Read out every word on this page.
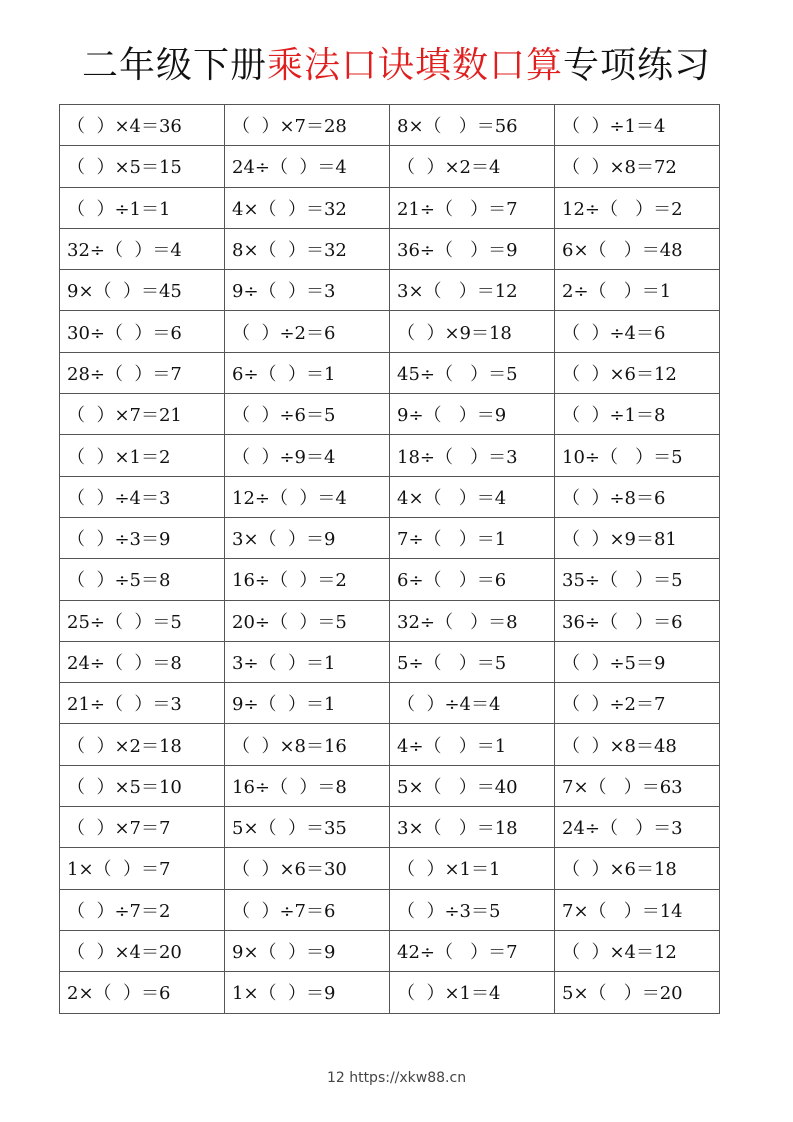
二年级下册乘法口诀填数口算专项练习
（  ）×4＝36	（  ）×7＝28	8×（   ）＝56	（  ）÷1＝4
（  ）×5＝15	24÷（  ）＝4	（  ）×2＝4	（  ）×8＝72
（  ）÷1＝1	4×（  ）＝32	21÷（   ）＝7	12÷（   ）＝2
32÷（  ）＝4	8×（  ）＝32	36÷（   ）＝9	6×（   ）＝48
9×（  ）＝45	9÷（  ）＝3	3×（   ）＝12	2÷（   ）＝1
30÷（  ）＝6	（  ）÷2＝6	（  ）×9＝18	（  ）÷4＝6
28÷（  ）＝7	6÷（  ）＝1	45÷（   ）＝5	（  ）×6＝12
（  ）×7＝21	（  ）÷6＝5	9÷（   ）＝9	（  ）÷1＝8
（  ）×1＝2	（  ）÷9＝4	18÷（   ）＝3	10÷（   ）＝5
（  ）÷4＝3	12÷（  ）＝4	4×（   ）＝4	（  ）÷8＝6
（  ）÷3＝9	3×（  ）＝9	7÷（   ）＝1	（  ）×9＝81
（  ）÷5＝8	16÷（  ）＝2	6÷（   ）＝6	35÷（   ）＝5
25÷（  ）＝5	20÷（  ）＝5	32÷（   ）＝8	36÷（   ）＝6
24÷（  ）＝8	3÷（  ）＝1	5÷（   ）＝5	（  ）÷5＝9
21÷（  ）＝3	9÷（  ）＝1	（  ）÷4＝4	（  ）÷2＝7
（  ）×2＝18	（  ）×8＝16	4÷（   ）＝1	（  ）×8＝48
（  ）×5＝10	16÷（  ）＝8	5×（   ）＝40	7×（   ）＝63
（  ）×7＝7	5×（  ）＝35	3×（   ）＝18	24÷（   ）＝3
1×（  ）＝7	（  ）×6＝30	（  ）×1＝1	（  ）×6＝18
（  ）÷7＝2	（  ）÷7＝6	（  ）÷3＝5	7×（   ）＝14
（  ）×4＝20	9×（  ）＝9	42÷（   ）＝7	（  ）×4＝12
2×（  ）＝6	1×（  ）＝9	（  ）×1＝4	5×（   ）＝20
12 https://xkw88.cn
